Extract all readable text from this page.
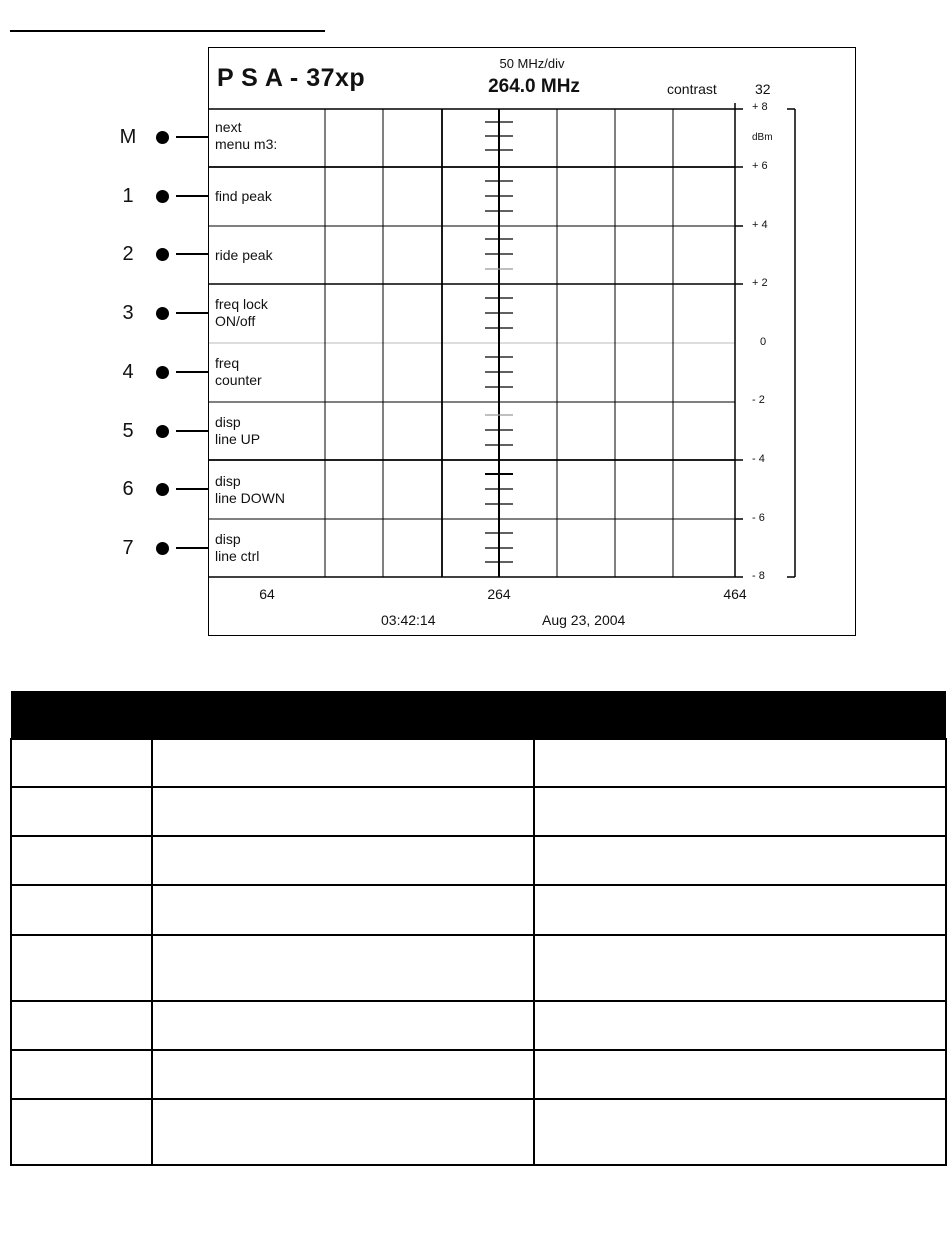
M
1
2
3
4
5
6
7
P S A - 37xp
50 MHz/div
264.0 MHz	contrast	32
next
menu m3:
find peak
ride peak
freq lock
ON/off
freq
counter
disp
line UP
disp
line DOWN
disp
line ctrl
dBm
+ 8
+ 6
+ 4
+ 2
0
- 2
- 4
- 6
- 8
64	264	464
03:42:14	Aug 23, 2004
